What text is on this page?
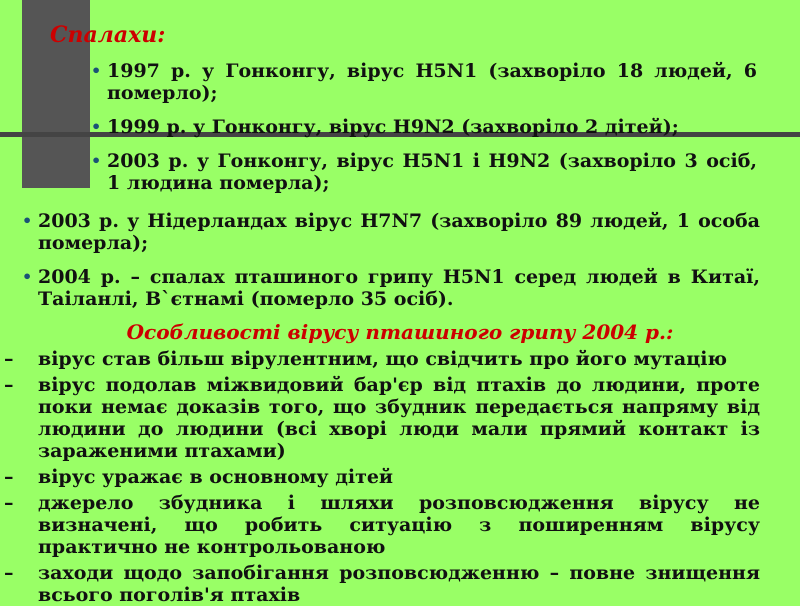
Спалахи:
• 1997 р. у Гонконгу, вірус H5N1 (захворіло 18 людей, 6 померло);
• 1999 р. у Гонконгу, вірус H9N2 (захворіло 2 дітей);
• 2003 р. у Гонконгу, вірус H5N1 і H9N2 (захворіло 3 осіб, 1 людина померла);
• 2003 р. у Нідерландах вірус H7N7 (захворіло 89 людей, 1 особа померла);
• 2004 р. – спалах пташиного грипу H5N1 серед людей в Китаї, Таіланлі, В`єтнамі (померло 35 осіб).
Особливості вірусу пташиного грипу 2004 р.:
– вірус став більш вірулентним, що свідчить про його мутацію
– вірус подолав міжвидовий бар'єр від птахів до людини, проте поки немає доказів того, що збудник передається напряму від людини до людини (всі хворі люди мали прямий контакт із зараженими птахами)
– вірус уражає в основному дітей
– джерело збудника і шляхи розповсюдження вірусу не визначені, що робить ситуацію з поширенням вірусу практично не контрольованою
– заходи щодо запобігання розповсюдженню – повне знищення всього поголів'я птахів
